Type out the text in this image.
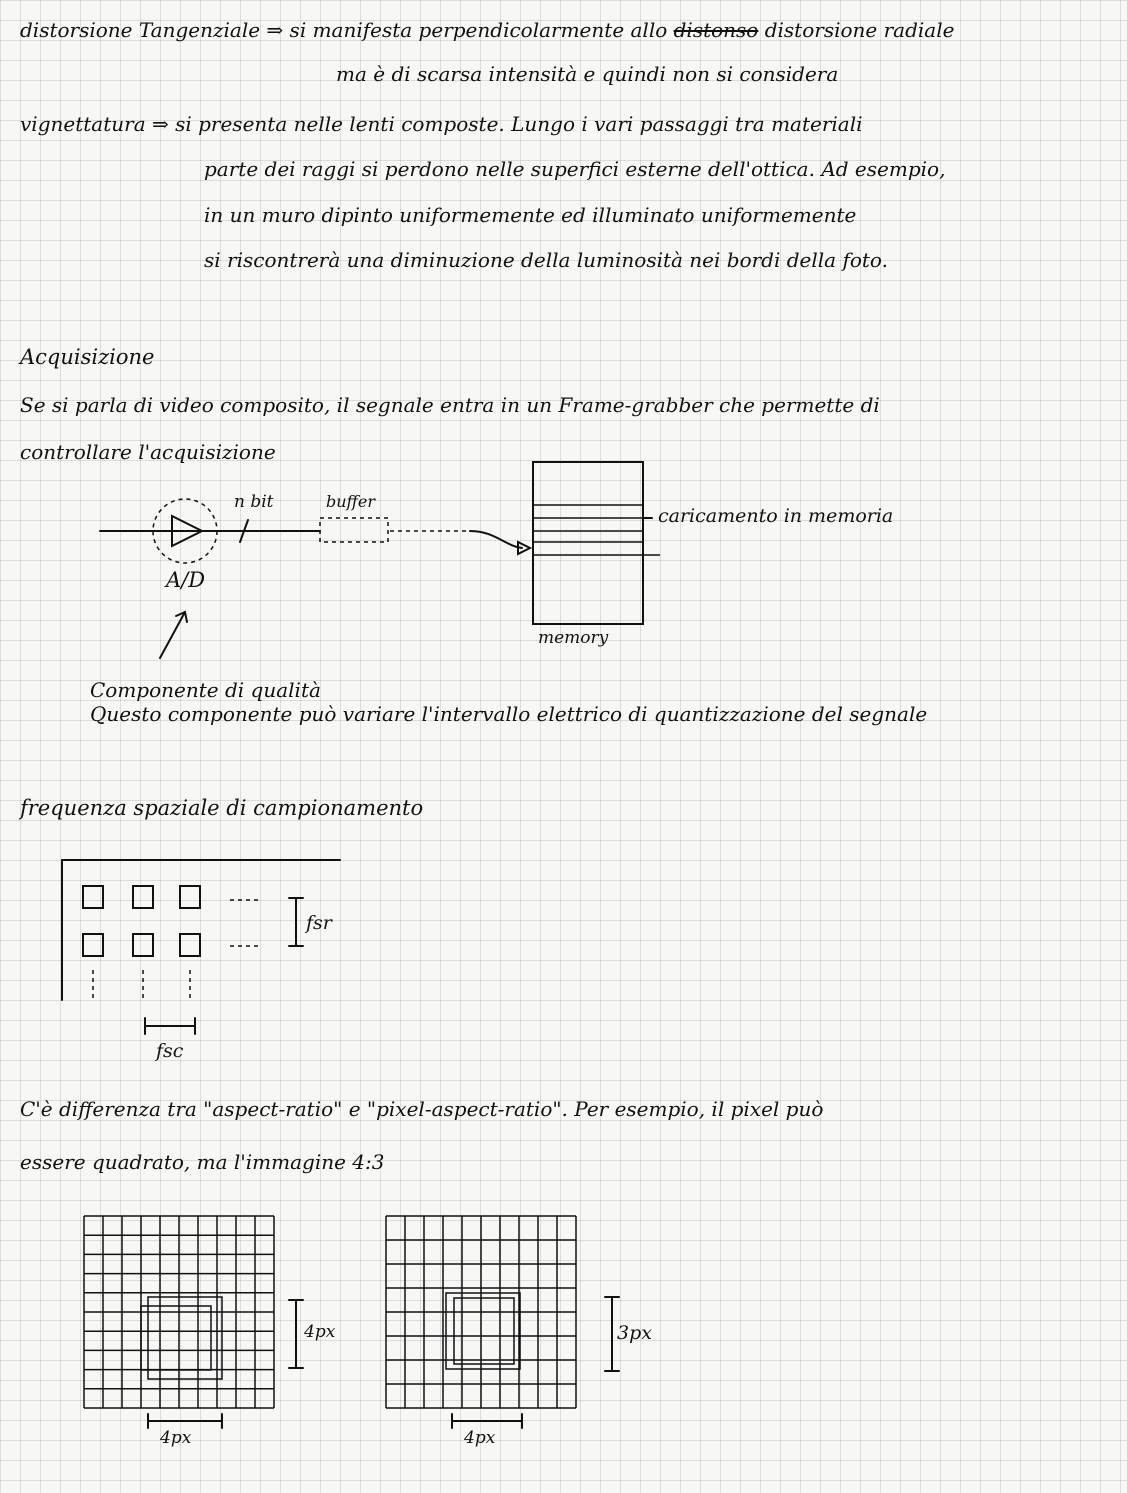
distorsione Tangenziale ⇒ si manifesta perpendicolarmente allo distonso distorsione radiale
ma è di scarsa intensità e quindi non si considera
vignettatura ⇒ si presenta nelle lenti composte. Lungo i vari passaggi tra materiali
parte dei raggi si perdono nelle superfici esterne dell'ottica. Ad esempio,
in un muro dipinto uniformemente ed illuminato uniformemente
si riscontrerà una diminuzione della luminosità nei bordi della foto.
Acquisizione
Se si parla di video composito, il segnale entra in un Frame-grabber che permette di
controllare l'acquisizione
n bit	buffer
A/D
memory
caricamento in memoria
Componente di qualità
Questo componente può variare l'intervallo elettrico di quantizzazione del segnale
frequenza spaziale di campionamento
fsr
fsc
C'è differenza tra "aspect-ratio" e "pixel-aspect-ratio". Per esempio, il pixel può
essere quadrato, ma l'immagine 4:3
4px
4px
3px
4px
